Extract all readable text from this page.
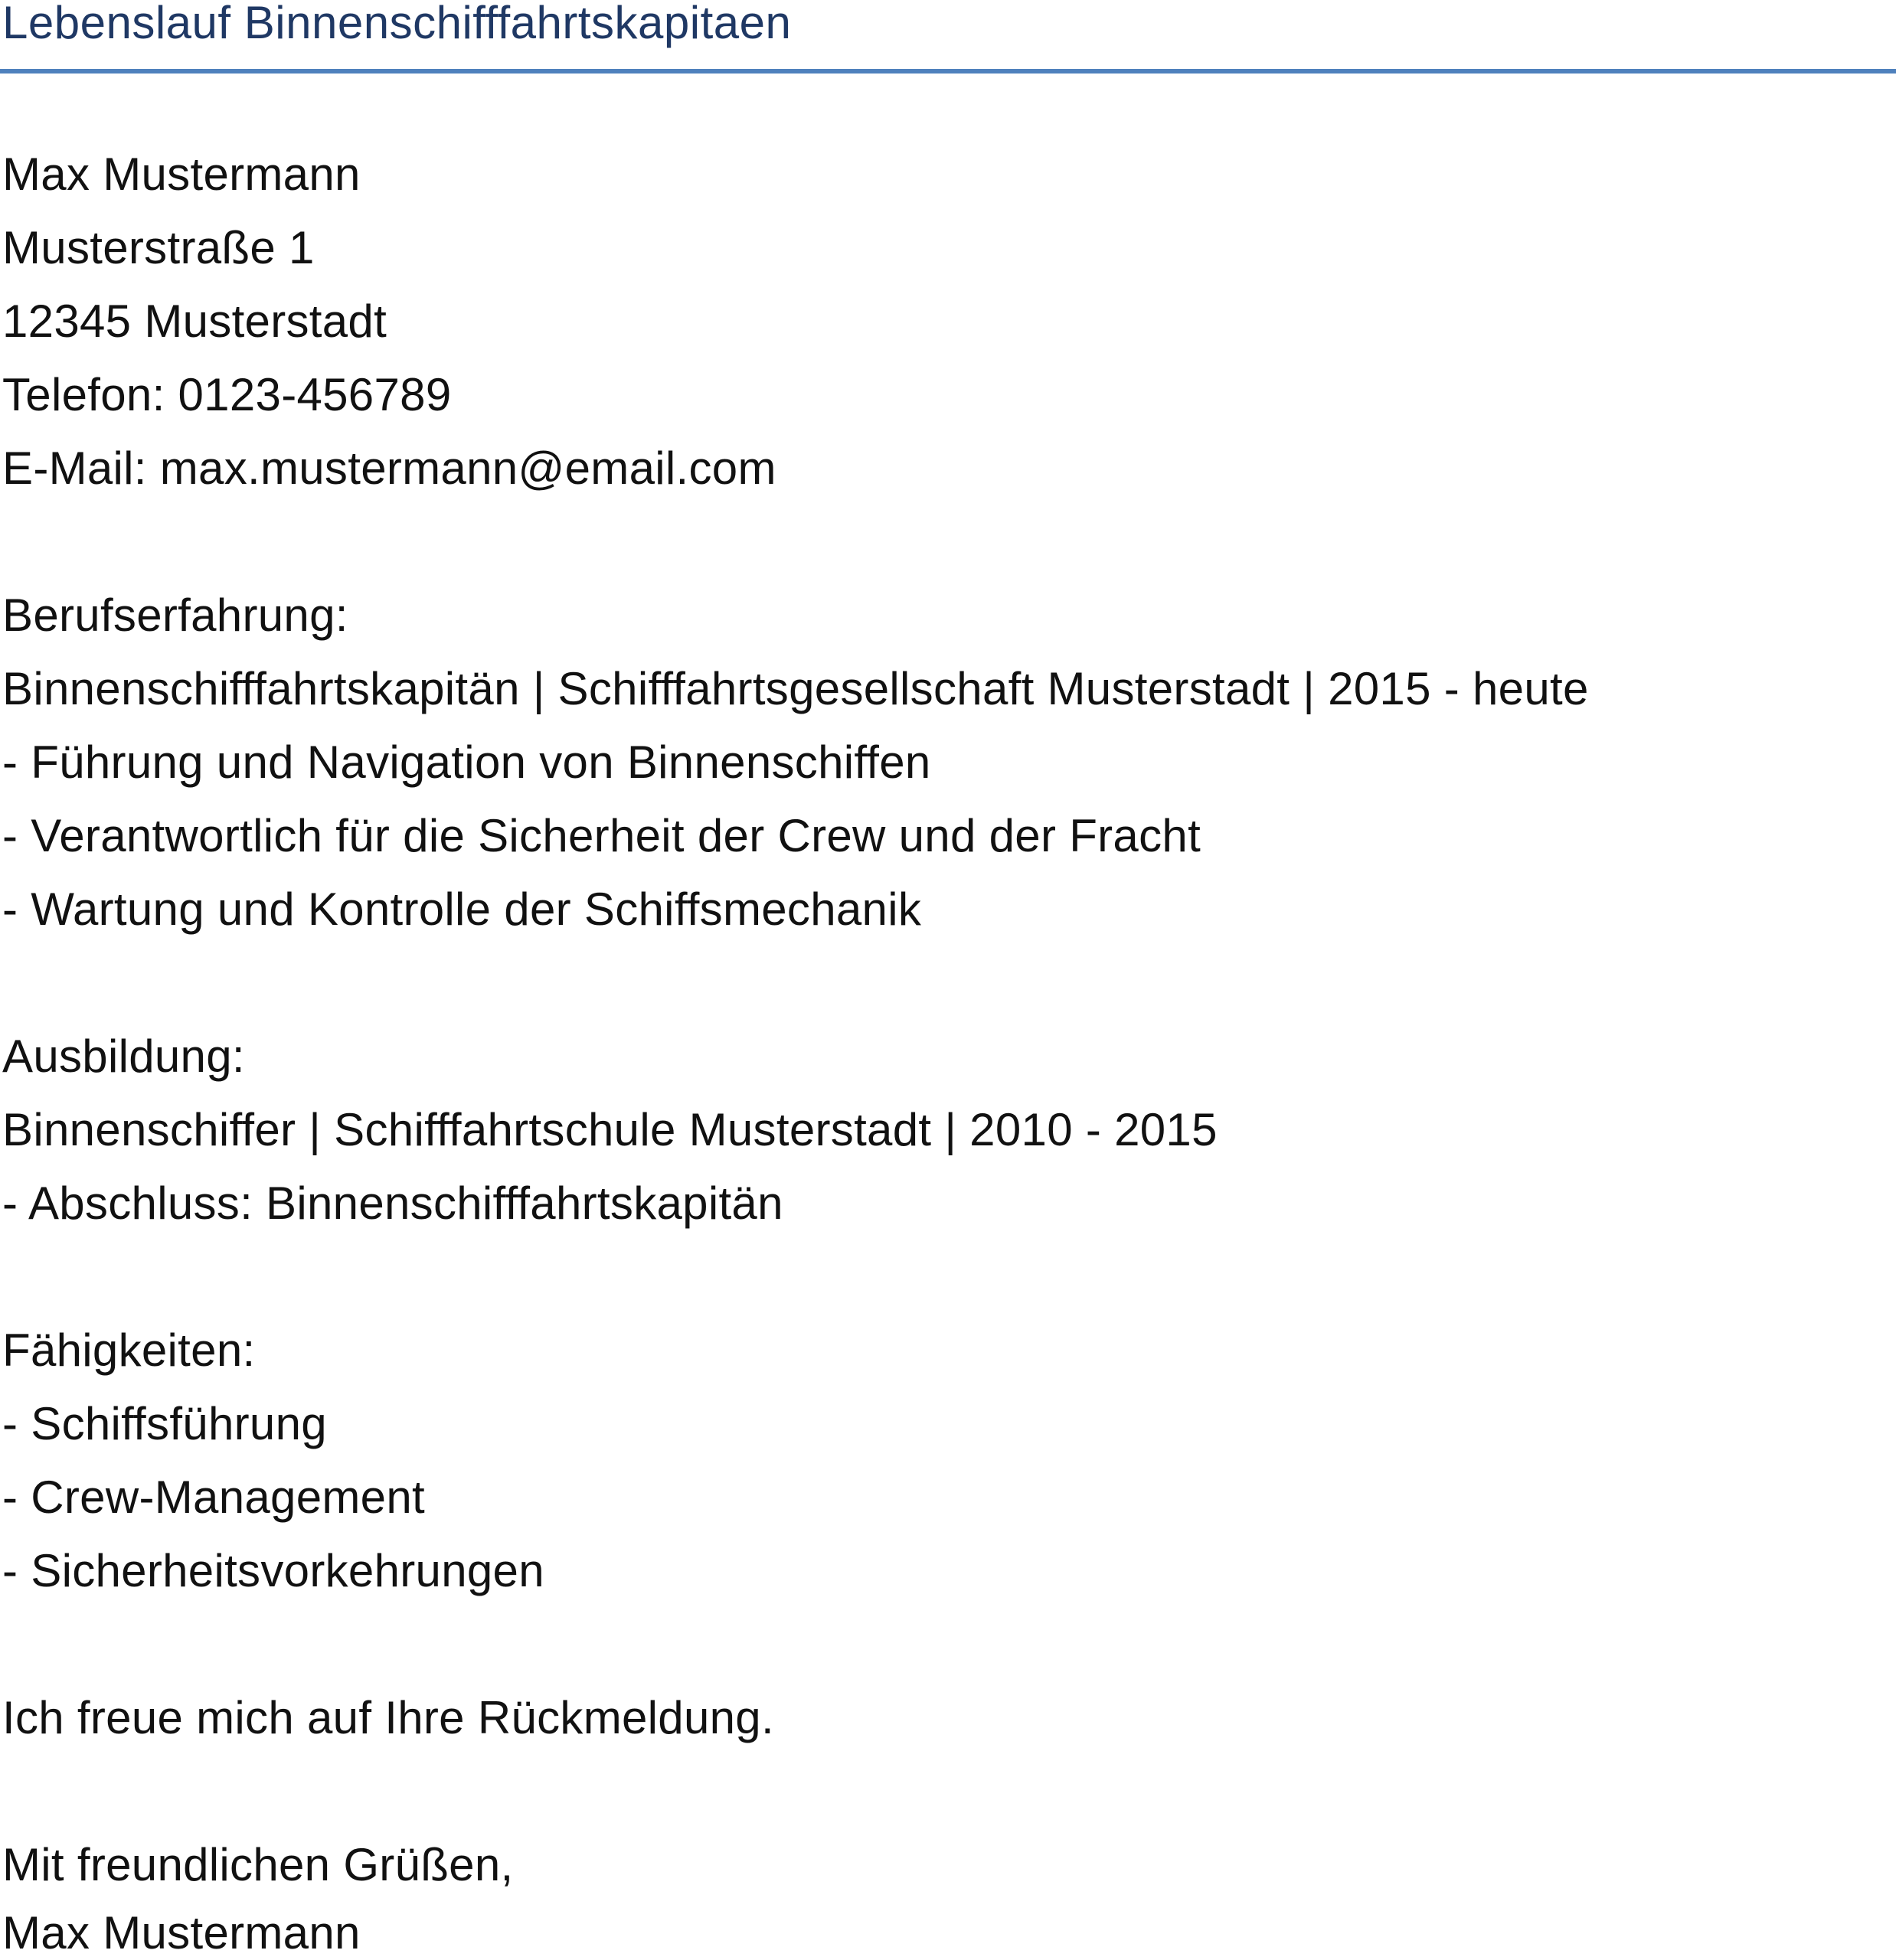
Lebenslauf Binnenschifffahrtskapitaen
Max Mustermann
Musterstraße 1
12345 Musterstadt
Telefon: 0123-456789
E-Mail: max.mustermann@email.com
Berufserfahrung:
Binnenschifffahrtskapitän | Schifffahrtsgesellschaft Musterstadt | 2015 - heute
- Führung und Navigation von Binnenschiffen
- Verantwortlich für die Sicherheit der Crew und der Fracht
- Wartung und Kontrolle der Schiffsmechanik
Ausbildung:
Binnenschiffer | Schifffahrtschule Musterstadt | 2010 - 2015
- Abschluss: Binnenschifffahrtskapitän
Fähigkeiten:
- Schiffsführung
- Crew-Management
- Sicherheitsvorkehrungen
Ich freue mich auf Ihre Rückmeldung.
Mit freundlichen Grüßen,
Max Mustermann
